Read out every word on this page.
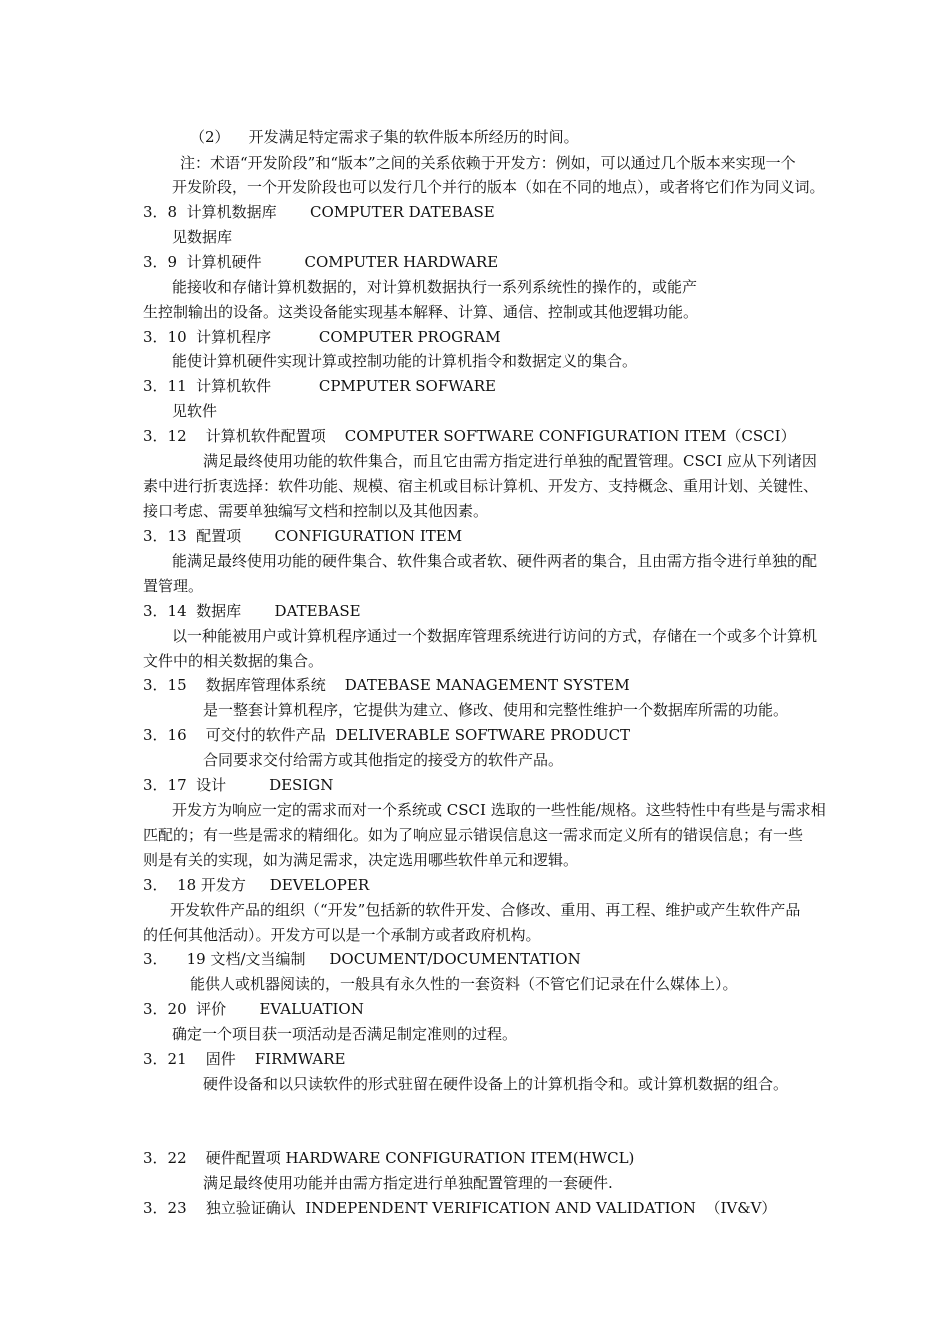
（2）    开发满足特定需求子集的软件版本所经历的时间。
注：术语“开发阶段”和“版本”之间的关系依赖于开发方：例如，可以通过几个版本来实现一个
开发阶段，一个开发阶段也可以发行几个并行的版本（如在不同的地点），或者将它们作为同义词。
3．8  计算机数据库       COMPUTER DATEBASE
见数据库
3．9  计算机硬件         COMPUTER HARDWARE
能接收和存储计算机数据的，对计算机数据执行一系列系统性的操作的，或能产
生控制输出的设备。这类设备能实现基本解释、计算、通信、控制或其他逻辑功能。
3．10  计算机程序          COMPUTER PROGRAM
能使计算机硬件实现计算或控制功能的计算机指令和数据定义的集合。
3．11  计算机软件          CPMPUTER SOFWARE
见软件
3．12    计算机软件配置项    COMPUTER SOFTWARE CONFIGURATION ITEM（CSCI）
满足最终使用功能的软件集合，而且它由需方指定进行单独的配置管理。CSCI 应从下列诸因
素中进行折衷选择：软件功能、规模、宿主机或目标计算机、开发方、支持概念、重用计划、关键性、
接口考虑、需要单独编写文档和控制以及其他因素。
3．13  配置项       CONFIGURATION ITEM
能满足最终使用功能的硬件集合、软件集合或者软、硬件两者的集合，且由需方指令进行单独的配
置管理。
3．14  数据库       DATEBASE
以一种能被用户或计算机程序通过一个数据库管理系统进行访问的方式，存储在一个或多个计算机
文件中的相关数据的集合。
3．15    数据库管理体系统    DATEBASE MANAGEMENT SYSTEM
是一整套计算机程序，它提供为建立、修改、使用和完整性维护一个数据库所需的功能。
3．16    可交付的软件产品  DELIVERABLE SOFTWARE PRODUCT
合同要求交付给需方或其他指定的接受方的软件产品。
3．17  设计         DESIGN
开发方为响应一定的需求而对一个系统或 CSCI 选取的一些性能/规格。这些特性中有些是与需求相
匹配的；有一些是需求的精细化。如为了响应显示错误信息这一需求而定义所有的错误信息；有一些
则是有关的实现，如为满足需求，决定选用哪些软件单元和逻辑。
3．  18 开发方     DEVELOPER
开发软件产品的组织（“开发”包括新的软件开发、合修改、重用、再工程、维护或产生软件产品
的任何其他活动）。开发方可以是一个承制方或者政府机构。
3．    19 文档/文当编制     DOCUMENT/DOCUMENTATION
能供人或机器阅读的，一般具有永久性的一套资料（不管它们记录在什么媒体上）。
3．20  评价       EVALUATION
确定一个项目获一项活动是否满足制定准则的过程。
3．21    固件    FIRMWARE
硬件设备和以只读软件的形式驻留在硬件设备上的计算机指令和。或计算机数据的组合。
3．22    硬件配置项 HARDWARE CONFIGURATION ITEM(HWCL)
满足最终使用功能并由需方指定进行单独配置管理的一套硬件.
3．23    独立验证确认  INDEPENDENT VERIFICATION AND VALIDATION  （IV&V）
